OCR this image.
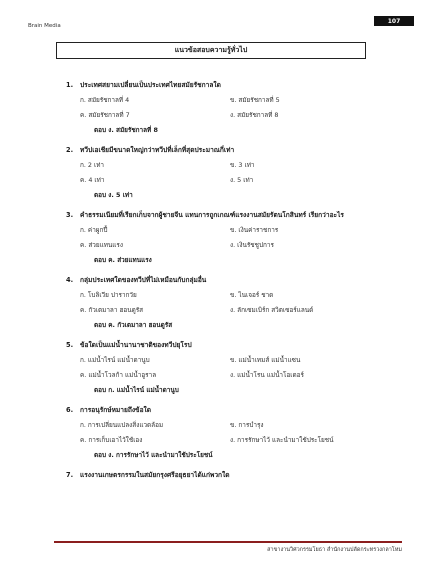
Brain Media
107
แนวข้อสอบความรู้ทั่วไป
1.	ประเทศสยามเปลี่ยนเป็นประเทศไทยสมัยรัชกาลใด
ก. สมัยรัชกาลที่ 4	ข. สมัยรัชกาลที่ 5
ค. สมัยรัชกาลที่ 7	ง. สมัยรัชกาลที่ 8
ตอบ ง. สมัยรัชกาลที่ 8
2.	ทวีปเอเชียมีขนาดใหญ่กว่าทวีปที่เล็กที่สุดประมาณกี่เท่า
ก. 2 เท่า	ข. 3 เท่า
ค. 4 เท่า	ง. 5 เท่า
ตอบ ง. 5 เท่า
3.	คำธรรมเนียมที่เรียกเก็บจากผู้ชายจีน แทนการถูกเกณฑ์แรงงานสมัยรัตนโกสินทร์ เรียกว่าอะไร
ก. ค่าผูกปี้	ข. เงินค่าราชการ
ค. ส่วยแทนแรง	ง. เงินรัชชูปการ
ตอบ ค. ส่วยแทนแรง
4.	กลุ่มประเทศใดของทวีปที่ไม่เหมือนกับกลุ่มอื่น
ก. โบลิเวีย ปารากวัย	ข. ไนเจอร์ ชาด
ค. กัวเตมาลา ฮอนดูรัส	ง. ลักเซมเบิร์ก สวิตเซอร์แลนด์
ตอบ ค. กัวเตมาลา ฮอนดูรัส
5.	ข้อใดเป็นแม่น้ำนานาชาติของทวีปยุโรป
ก. แม่น้ำไรน์ แม่น้ำดานูบ	ข. แม่น้ำเทมส์ แม่น้ำแซน
ค. แม่น้ำโวลก้า แม่น้ำอูราล	ง. แม่น้ำโรน แม่น้ำโอเดอร์
ตอบ ก. แม่น้ำไรน์ แม่น้ำดานูบ
6.	การอนุรักษ์หมายถึงข้อใด
ก. การเปลี่ยนแปลงสิ่งแวดล้อม	ข. การบำรุง
ค. การเก็บเอาไว้ใช้เอง	ง. การรักษาไว้ และนำมาใช้ประโยชน์
ตอบ ง. การรักษาไว้ และนำมาใช้ประโยชน์
7.	แรงงานเกษตรกรรมในสมัยกรุงศรีอยุธยาได้แก่พวกใด
สาขางานวิศวกรรมโยธา สำนักงานปลัดกระทรวงกลาโหม
